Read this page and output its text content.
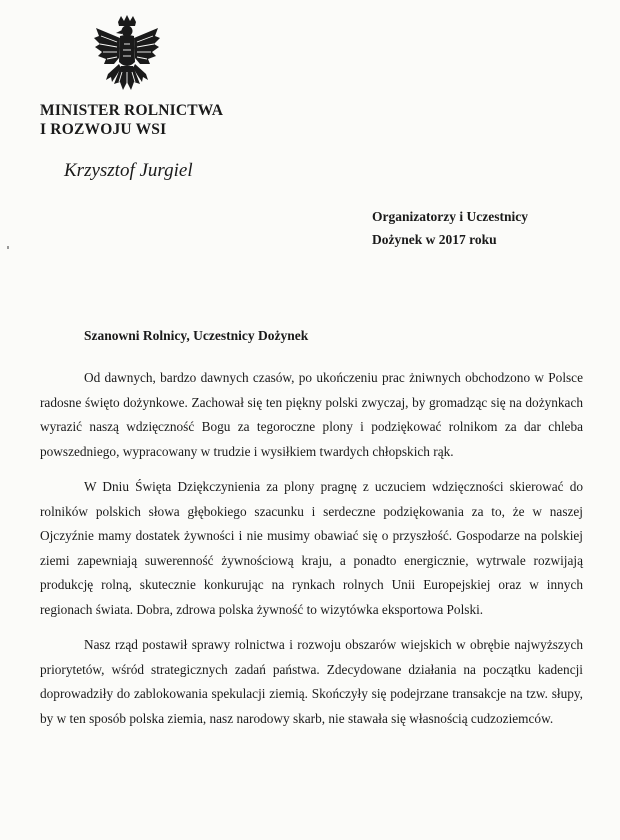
MINISTER ROLNICTWA
I ROZWOJU WSI
Krzysztof Jurgiel
Organizatorzy i Uczestnicy
Dożynek w 2017 roku
Szanowni Rolnicy, Uczestnicy Dożynek

Od dawnych, bardzo dawnych czasów, po ukończeniu prac żniwnych obchodzono w Polsce radosne święto dożynkowe. Zachował się ten piękny polski zwyczaj, by gromadząc się na dożynkach wyrazić naszą wdzięczność Bogu za tegoroczne plony i podziękować rolnikom za dar chleba powszedniego, wypracowany w trudzie i wysiłkiem twardych chłopskich rąk.

W Dniu Święta Dziękczynienia za plony pragnę z uczuciem wdzięczności skierować do rolników polskich słowa głębokiego szacunku i serdeczne podziękowania za to, że w naszej Ojczyźnie mamy dostatek żywności i nie musimy obawiać się o przyszłość. Gospodarze na polskiej ziemi zapewniają suwerenność żywnościową kraju, a ponadto energicznie, wytrwale rozwijają produkcję rolną, skutecznie konkurując na rynkach rolnych Unii Europejskiej oraz w innych regionach świata. Dobra, zdrowa polska żywność to wizytówka eksportowa Polski.

Nasz rząd postawił sprawy rolnictwa i rozwoju obszarów wiejskich w obrębie najwyższych priorytetów, wśród strategicznych zadań państwa. Zdecydowane działania na początku kadencji doprowadziły do zablokowania spekulacji ziemią. Skończyły się podejrzane transakcje na tzw. słupy, by w ten sposób polska ziemia, nasz narodowy skarb, nie stawała się własnością cudzoziemców.
